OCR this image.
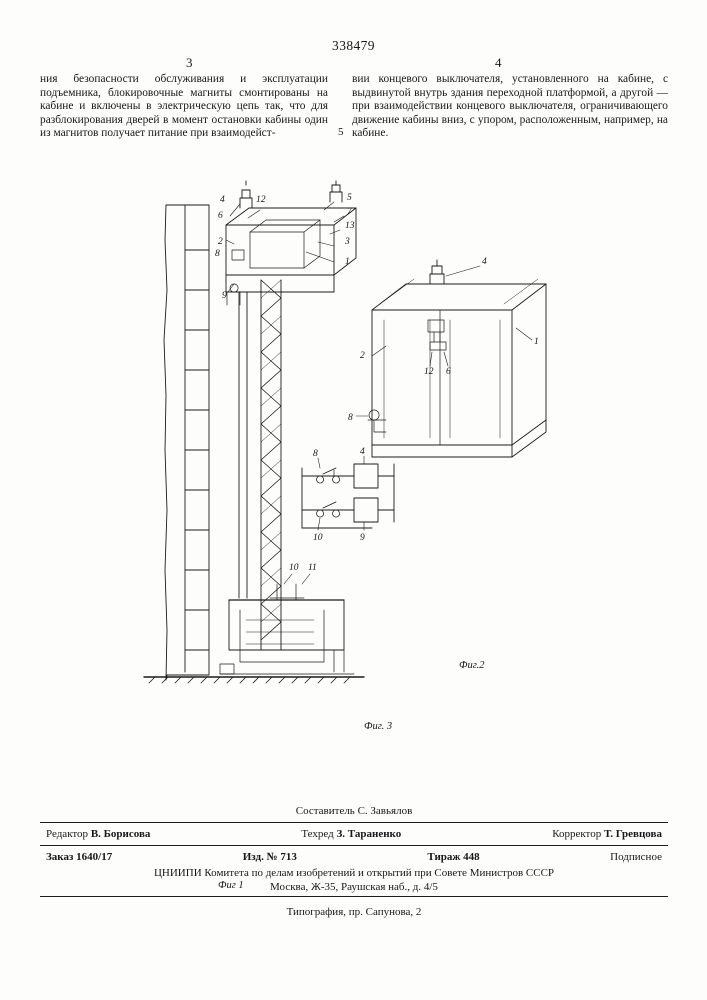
338479
3	4

ния безопасности обслуживания и эксплуатации подъемника, блокировочные магниты смонтированы на кабине и включены в электрическую цепь так, что для разблокирования дверей в момент остановки кабины один из магнитов получает питание при взаимодейст-	5

вии концевого выключателя, установленного на кабине, с выдвинутой внутрь здания переходной платформой, а другой — при взаимодействии концевого выключателя, ограничивающего движение кабины вниз, с упором, расположенным, например, на кабине.

4	12	5
7
13
3
1
6
2
8
9
10 11
4
1
2
12 6
8
8	4
10	9
Фиг 1
Фиг.2
Фиг. 3
Составитель С. Завьялов
Редактор В. Борисова	Техред З. Тараненко	Корректор Т. Гревцова
Заказ 1640/17	Изд. № 713	Тираж 448	Подписное
ЦНИИПИ Комитета по делам изобретений и открытий при Совете Министров СССР
Москва, Ж-35, Раушская наб., д. 4/5
Типография, пр. Сапунова, 2
